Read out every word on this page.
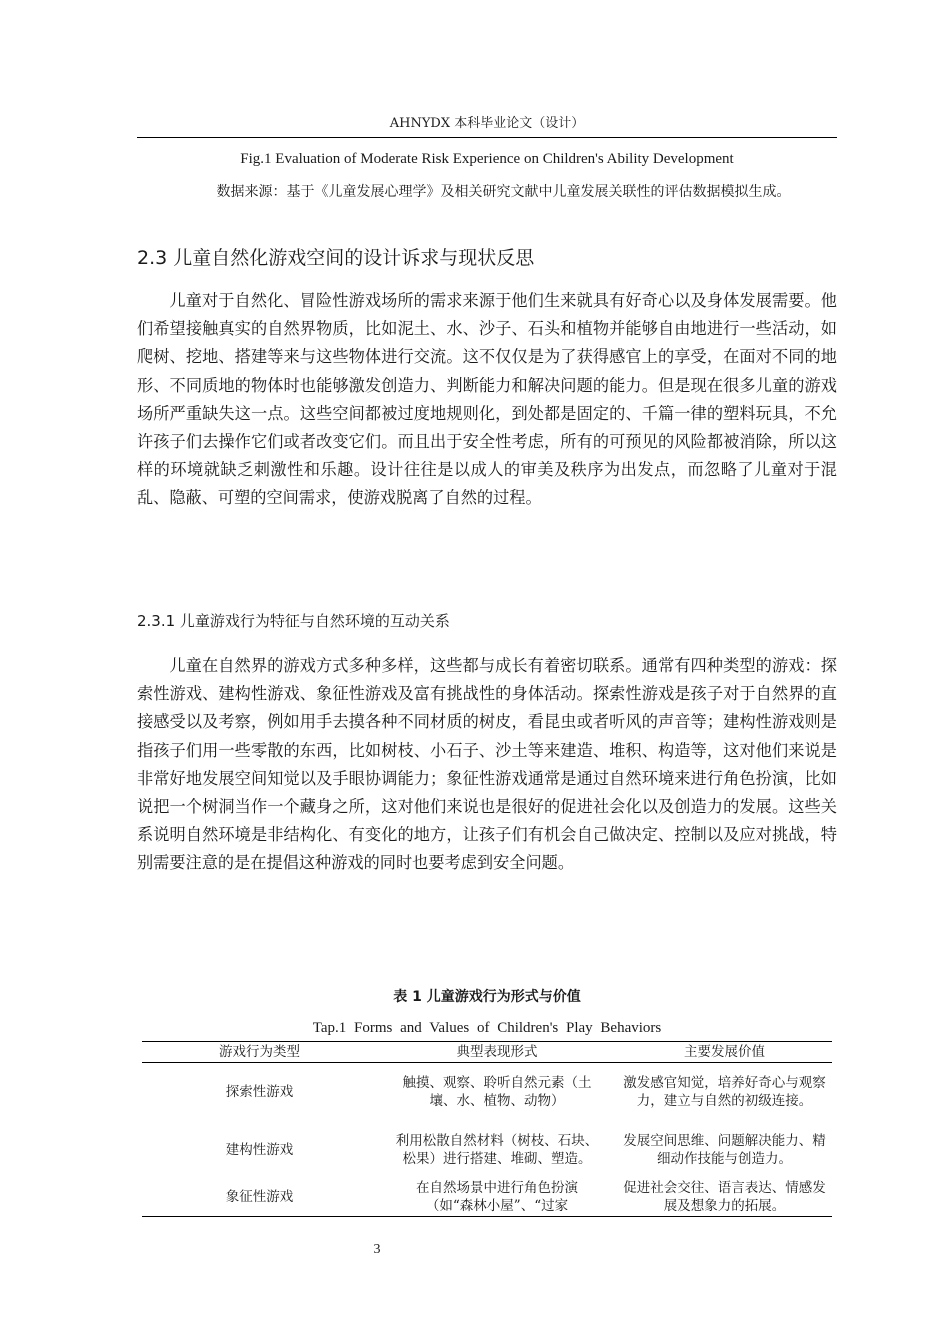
AHNYDX 本科毕业论文（设计）
Fig.1 Evaluation of Moderate Risk Experience on Children's Ability Development
数据来源：基于《儿童发展心理学》及相关研究文献中儿童发展关联性的评估数据模拟生成。
2.3 儿童自然化游戏空间的设计诉求与现状反思

儿童对于自然化、冒险性游戏场所的需求来源于他们生来就具有好奇心以及身体发展需要。他们希望接触真实的自然界物质，比如泥土、水、沙子、石头和植物并能够自由地进行一些活动，如爬树、挖地、搭建等来与这些物体进行交流。这不仅仅是为了获得感官上的享受，在面对不同的地形、不同质地的物体时也能够激发创造力、判断能力和解决问题的能力。但是现在很多儿童的游戏场所严重缺失这一点。这些空间都被过度地规则化，到处都是固定的、千篇一律的塑料玩具，不允许孩子们去操作它们或者改变它们。而且出于安全性考虑，所有的可预见的风险都被消除，所以这样的环境就缺乏刺激性和乐趣。设计往往是以成人的审美及秩序为出发点，而忽略了儿童对于混乱、隐蔽、可塑的空间需求，使游戏脱离了自然的过程。

2.3.1 儿童游戏行为特征与自然环境的互动关系

儿童在自然界的游戏方式多种多样，这些都与成长有着密切联系。通常有四种类型的游戏：探索性游戏、建构性游戏、象征性游戏及富有挑战性的身体活动。探索性游戏是孩子对于自然界的直接感受以及考察，例如用手去摸各种不同材质的树皮，看昆虫或者听风的声音等；建构性游戏则是指孩子们用一些零散的东西，比如树枝、小石子、沙土等来建造、堆积、构造等，这对他们来说是非常好地发展空间知觉以及手眼协调能力；象征性游戏通常是通过自然环境来进行角色扮演，比如说把一个树洞当作一个藏身之所，这对他们来说也是很好的促进社会化以及创造力的发展。这些关系说明自然环境是非结构化、有变化的地方，让孩子们有机会自己做决定、控制以及应对挑战，特别需要注意的是在提倡这种游戏的同时也要考虑到安全问题。

表 1 儿童游戏行为形式与价值
Tap.1 Forms and Values of Children's Play Behaviors
游戏行为类型	典型表现形式	主要发展价值
探索性游戏	触摸、观察、聆听自然元素（土壤、水、植物、动物）	激发感官知觉，培养好奇心与观察力，建立与自然的初级连接。

建构性游戏	利用松散自然材料（树枝、石块、松果）进行搭建、堆砌、塑造。	发展空间思维、问题解决能力、精细动作技能与创造力。

象征性游戏	在自然场景中进行角色扮演（如“森林小屋”、“过家	促进社会交往、语言表达、情感发展及想象力的拓展。
3
